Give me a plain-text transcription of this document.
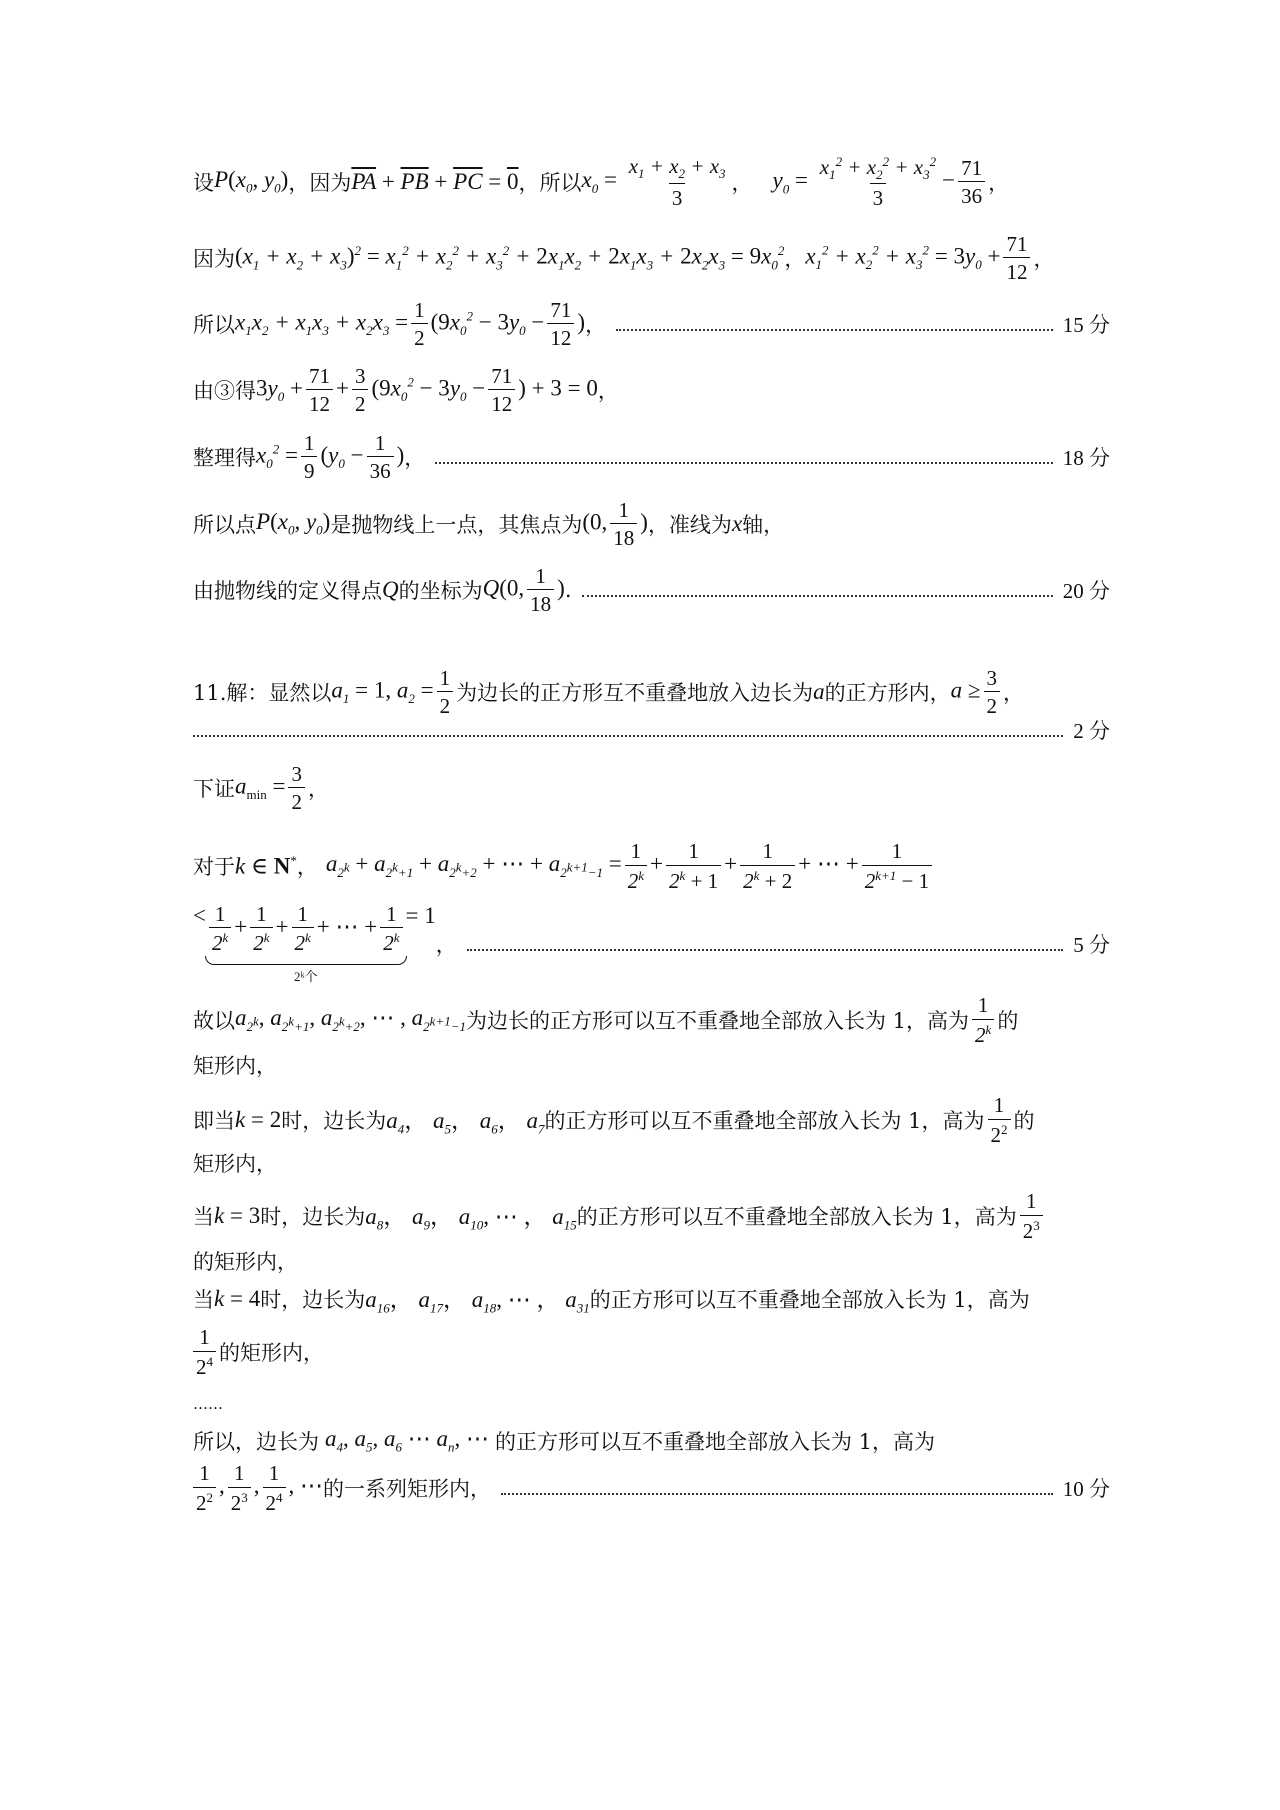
设 $P(x_0$, $y_0$) ，因为 $\overline{PA} + \overline{PB} + \overline{PC} = 0$ ，所以 $x_0 = \frac{x_1 + x_2 + x_3}{3}$ ， $y_0 = \frac{x_1^2 + x_2^2 + x_3^2}{3} - \frac{71}{36}$ ，
因为 $(x_1 + x_2 + x_3)^2 = x_1^2 + x_2^2 + x_3^2 + 2x_1x_2 + 2x_1x_3 + 2x_2x_3 = 9x_0^2$ ， $x_1^2 + x_2^2 + x_3^2 = 3y_0 + \frac{71}{12}$ ，
所以 $x_1x_2 + x_1x_3 + x_2x_3 = \frac{1}{2} (9x_0^2 - 3y_0 - \frac{71}{12}$ ) ，	15 分
由③得 $3y_0 + \frac{71}{12} + \frac{3}{2} (9x_0^2 - 3y_0 - \frac{71}{12}$ ) + 3 = 0 ，
整理得 $x_0^2 = \frac{1}{9} (y_0 - \frac{1}{36}$ ) ，	18 分
所以点 $P(x_0$, $y_0$) 是抛物线上一点，其焦点为 (0, $\frac{1}{18}$ ) ，准线为 x 轴，
由抛物线的定义得点 Q 的坐标为 Q(0, $\frac{1}{18}$ ) .	20 分
11.解：显然以 $a_1 = 1$, $a_2 = \frac{1}{2}$ 为边长的正方形互不重叠地放入边长为 a 的正方形内， $a \ge \frac{3}{2}$ ，
2 分
下证 $a_{min} = \frac{3}{2}$ ，
对于 k ∈ N* ， $a_{2^k} + a_{2^k+1} + a_{2^k+2}$ + ⋯ + $a_{2^{k+1}-1} = \frac{1}{2^k} + \frac{1}{2^k + 1} + \frac{1}{2^k + 2}$ + ⋯ + $\frac{1}{2^{k+1} - 1}$
< $\frac{1}{2^k} + \frac{1}{2^k} + \frac{1}{2^k}$ + ⋯ + $\frac{1}{2^k}$
2ᵏ个
= 1
，	5 分
故以 $a_{2^k}$, $a_{2^k+1}$, $a_{2^k+2}$, ⋯ , $a_{2^{k+1}-1}$ 为边长的正方形可以互不重叠地全部放入长为 1，高为 $\frac{1}{2^k}$ 的
矩形内，
即当 k = 2 时，边长为 $a_4$， $a_5$， $a_6$， $a_7$ 的正方形可以互不重叠地全部放入长为 1，高为 $\frac{1}{2^2}$ 的
矩形内，
当 k = 3 时，边长为 $a_8$， $a_9$， $a_{10}$, ⋯ ， $a_{15}$ 的正方形可以互不重叠地全部放入长为 1，高为 $\frac{1}{2^3}$
的矩形内，
当 k = 4 时，边长为 $a_{16}$， $a_{17}$， $a_{18}$, ⋯ ， $a_{31}$ 的正方形可以互不重叠地全部放入长为 1，高为
$\frac{1}{2^4}$ 的矩形内，
……
所以，边长为 $a_4$, $a_5$, $a_6$ ⋯ $a_n$, ⋯ 的正方形可以互不重叠地全部放入长为 1，高为
$\frac{1}{2^2}$ , $\frac{1}{2^3}$ , $\frac{1}{2^4}$ , ⋯ 的一系列矩形内，	10 分
